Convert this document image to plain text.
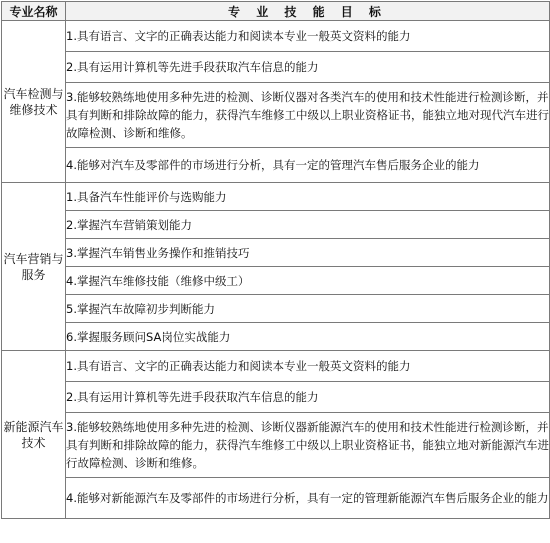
专业名称	专 业 技 能 目 标
汽车检测与维修技术	1.具有语言、文字的正确表达能力和阅读本专业一般英文资料的能力
	2.具有运用计算机等先进手段获取汽车信息的能力
	3.能够较熟练地使用多种先进的检测、诊断仪器对各类汽车的使用和技术性能进行检测诊断，并具有判断和排除故障的能力，获得汽车维修工中级以上职业资格证书，能独立地对现代汽车进行故障检测、诊断和维修。
	4.能够对汽车及零部件的市场进行分析，具有一定的管理汽车售后服务企业的能力
汽车营销与服务	1.具备汽车性能评价与选购能力
	2.掌握汽车营销策划能力
	3.掌握汽车销售业务操作和推销技巧
	4.掌握汽车维修技能（维修中级工）
	5.掌握汽车故障初步判断能力
	6.掌握服务顾问SA岗位实战能力
新能源汽车技术	1.具有语言、文字的正确表达能力和阅读本专业一般英文资料的能力
	2.具有运用计算机等先进手段获取汽车信息的能力
	3.能够较熟练地使用多种先进的检测、诊断仪器新能源汽车的使用和技术性能进行检测诊断，并具有判断和排除故障的能力，获得汽车维修工中级以上职业资格证书，能独立地对新能源汽车进行故障检测、诊断和维修。
	4.能够对新能源汽车及零部件的市场进行分析，具有一定的管理新能源汽车售后服务企业的能力
